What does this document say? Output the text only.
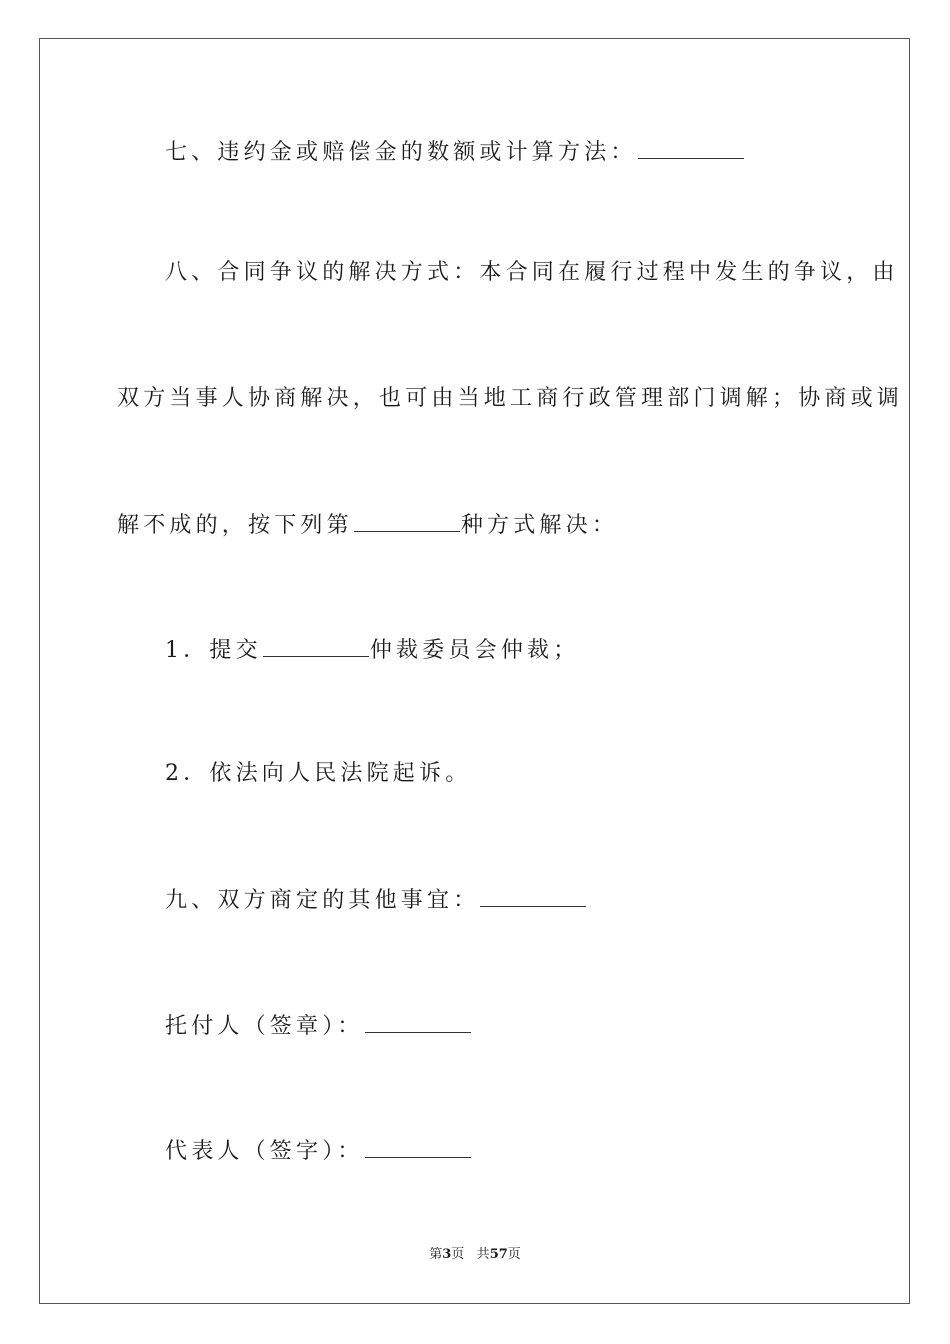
七、违约金或赔偿金的数额或计算方法：
八、合同争议的解决方式：本合同在履行过程中发生的争议，由
双方当事人协商解决，也可由当地工商行政管理部门调解；协商或调
解不成的，按下列第	种方式解决：
1．提交	仲裁委员会仲裁；
2．依法向人民法院起诉。
九、双方商定的其他事宜：
托付人（签章）：
代表人（签字）：
第3页 共57页
